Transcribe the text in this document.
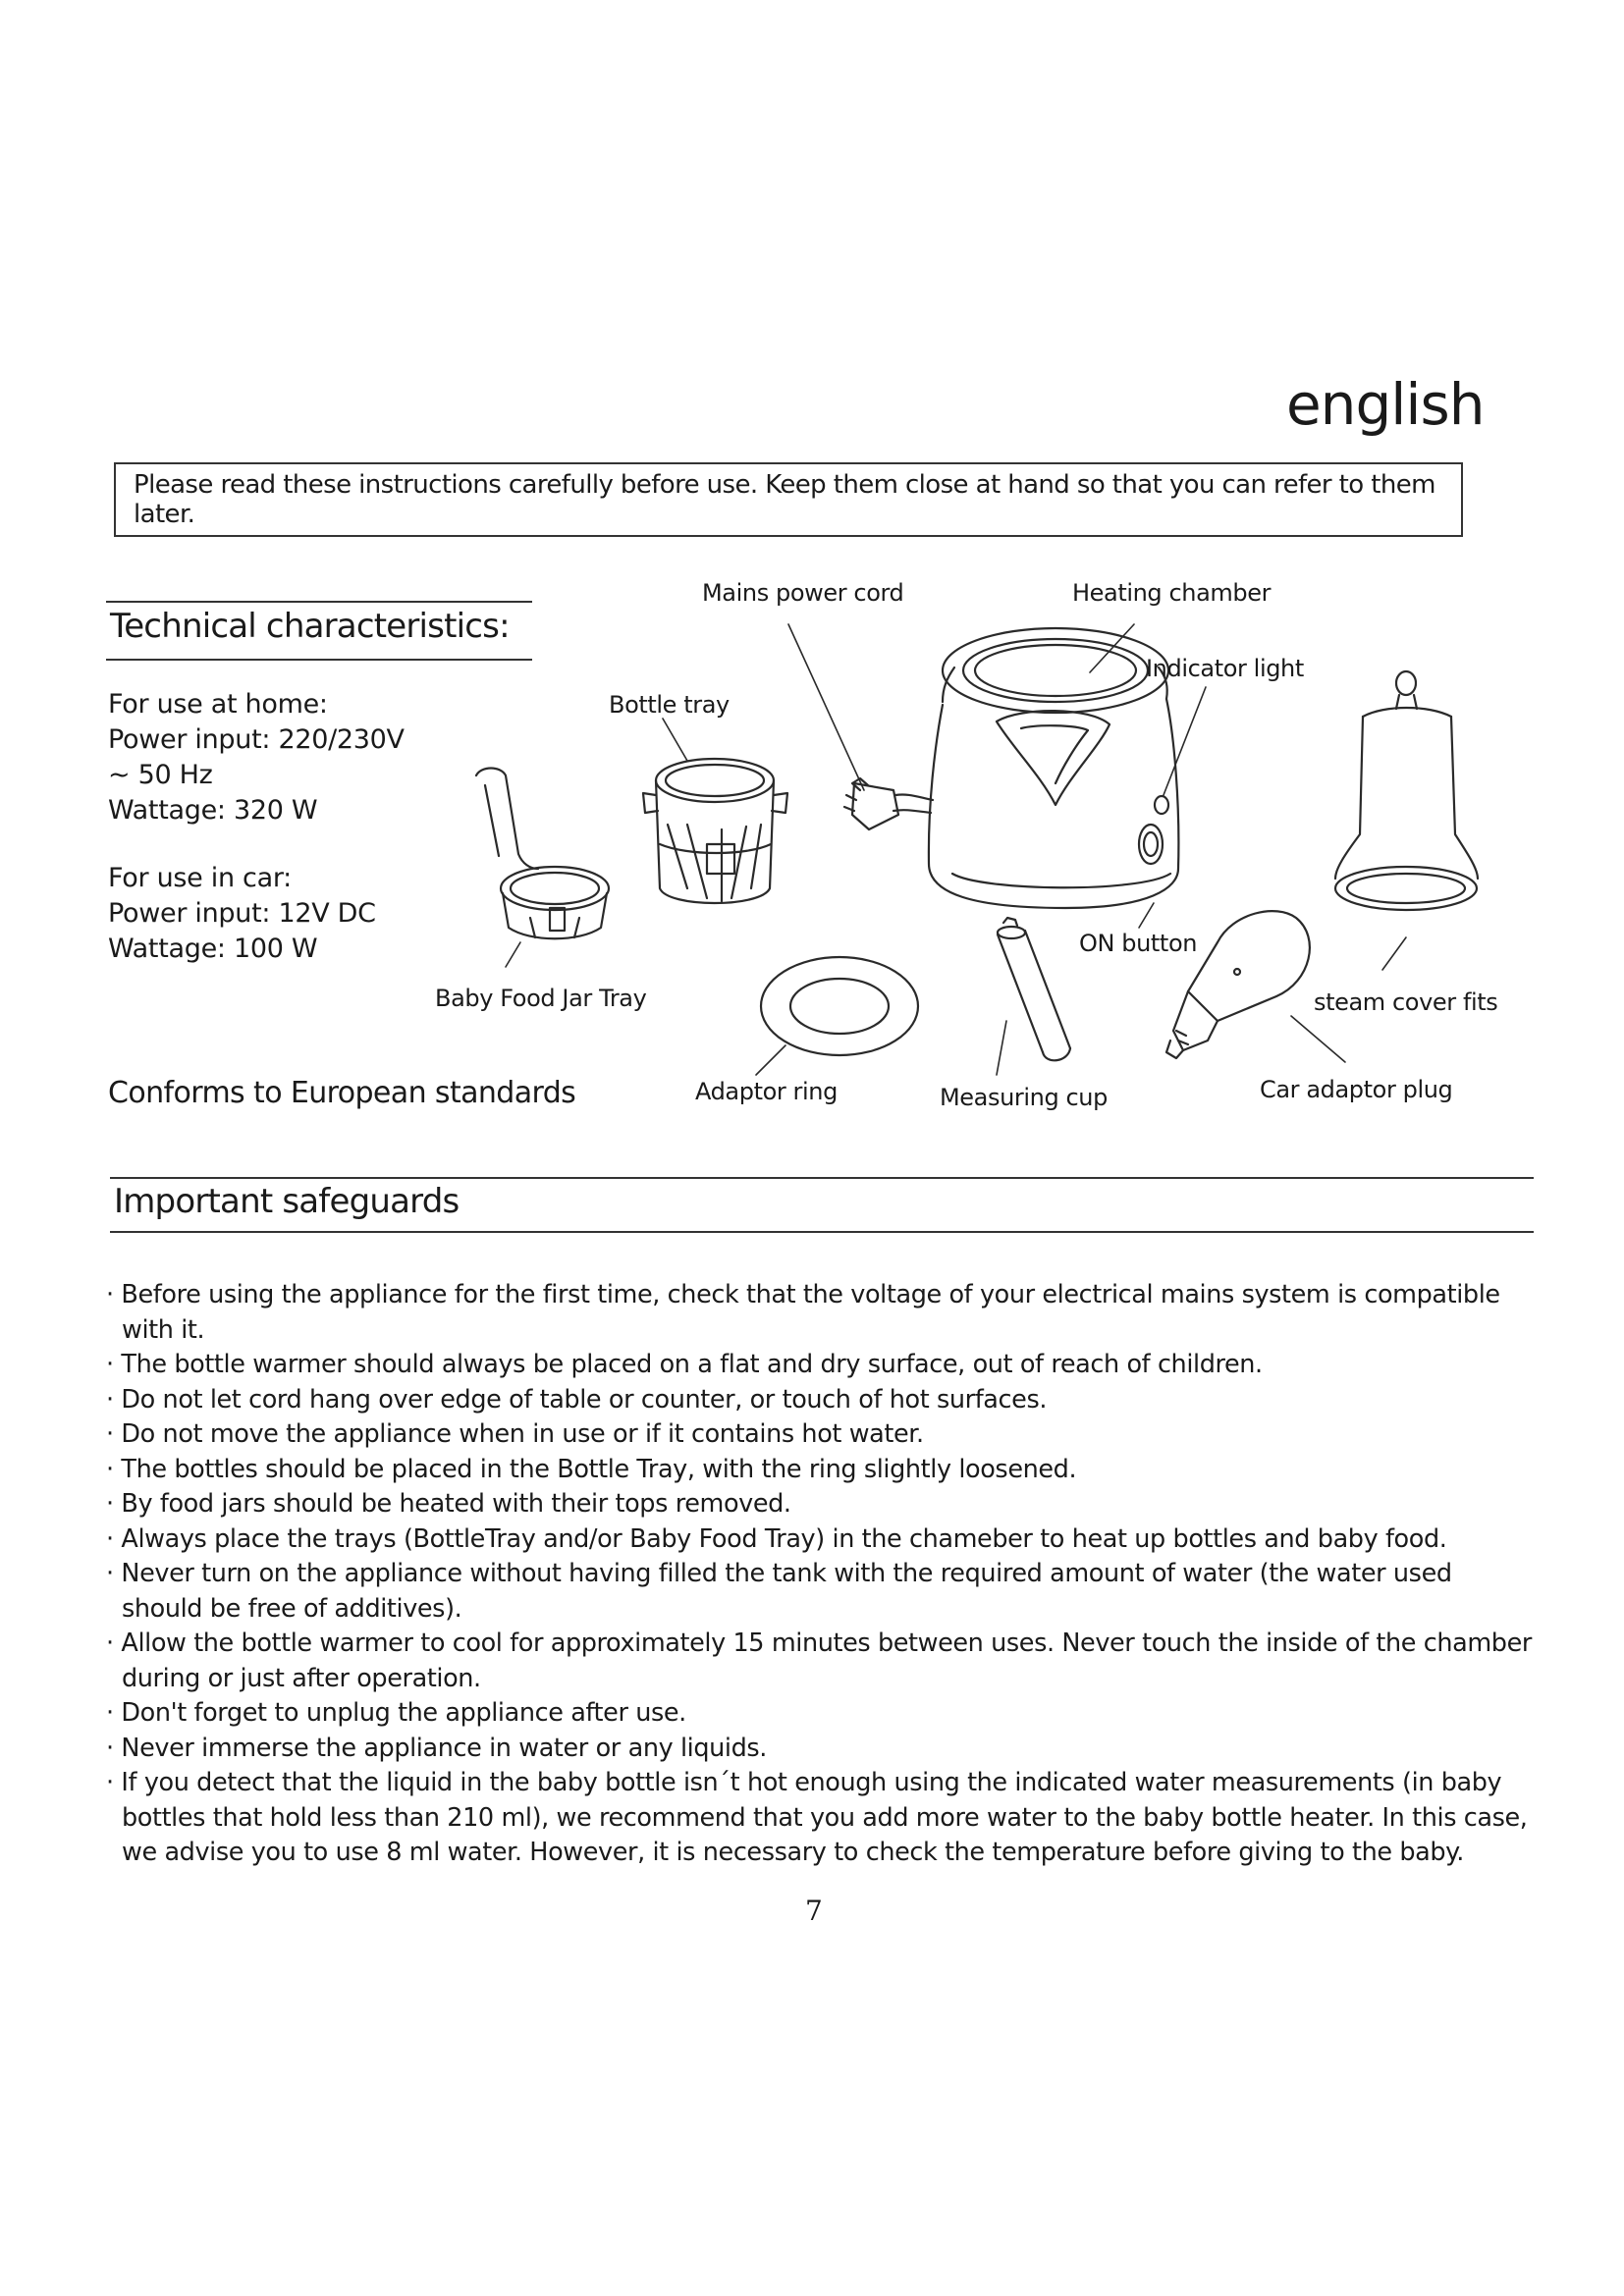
english
Please read these instructions carefully before use. Keep them close at hand so that you can refer to them later.
Technical characteristics:
For use at home:
Power input: 220/230V
~ 50 Hz
Wattage: 320 W
For use in car:
Power input: 12V DC
Wattage: 100 W
Conforms to European standards
Mains power cord	Heating chamber
Indicator light
Bottle tray
ON button
steam cover fits
Baby Food Jar Tray
Adaptor ring	Measuring cup	Car adaptor plug
Important safeguards
· Before using the appliance for the first time, check that the voltage of your electrical mains system is compatible with it.
· The bottle warmer should always be placed on a flat and dry surface, out of reach of children.
· Do not let cord hang over edge of table or counter, or touch of hot surfaces.
· Do not move the appliance when in use or if it contains hot water.
· The bottles should be placed in the Bottle Tray, with the ring slightly loosened.
· By food jars should be heated with their tops removed.
· Always place the trays (BottleTray and/or Baby Food Tray) in the chameber to heat up bottles and baby food.
· Never turn on the appliance without having filled the tank with the required amount of water (the water used should be free of additives).
· Allow the bottle warmer to cool for approximately 15 minutes between uses. Never touch the inside of the chamber during or just after operation.
· Don't forget to unplug the appliance after use.
· Never immerse the appliance in water or any liquids.
· If you detect that the liquid in the baby bottle isn´t hot enough using the indicated water measurements (in baby bottles that hold less than 210 ml), we recommend that you add more water to the baby bottle heater. In this case, we advise you to use 8 ml water. However, it is necessary to check the temperature before giving to the baby.
7
